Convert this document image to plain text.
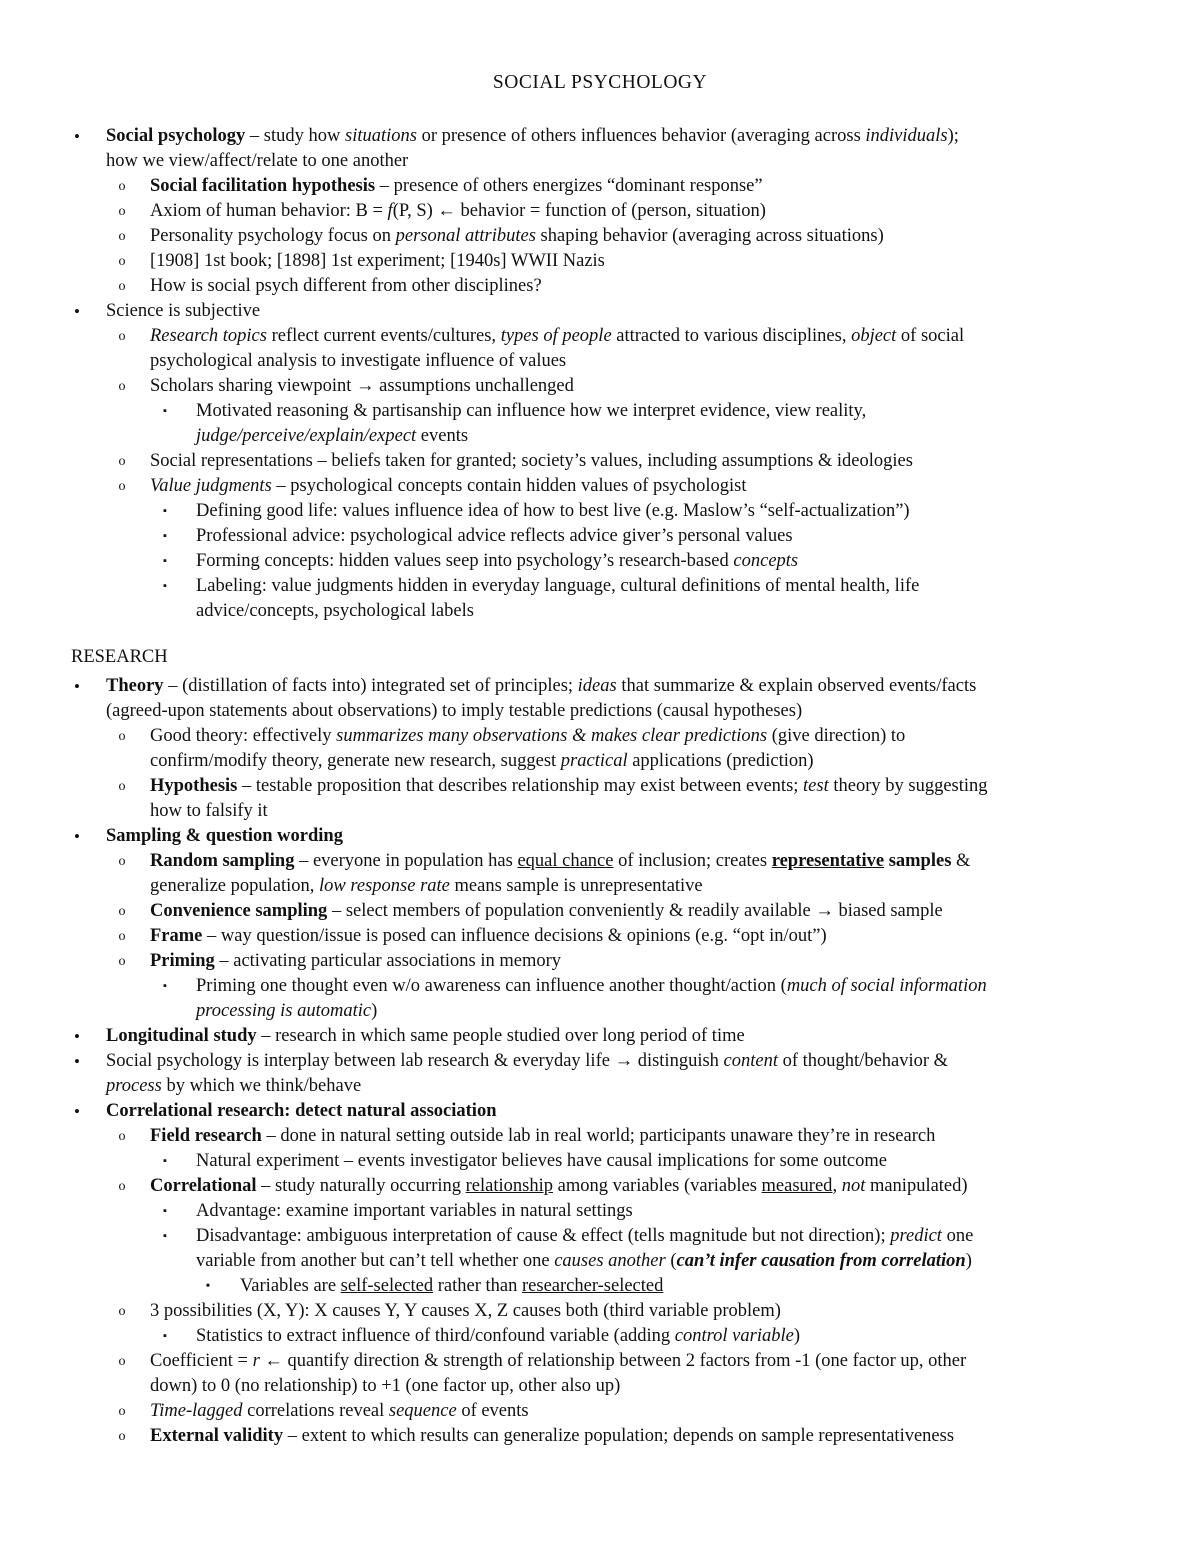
SOCIAL PSYCHOLOGY
RESEARCH
• Social psychology – study how situations or presence of others influences behavior (averaging across individuals);
how we view/affect/relate to one another
o Social facilitation hypothesis – presence of others energizes “dominant response”
o Axiom of human behavior: B = f(P, S) ← behavior = function of (person, situation)
o Personality psychology focus on personal attributes shaping behavior (averaging across situations)
o [1908] 1st book; [1898] 1st experiment; [1940s] WWII Nazis
o How is social psych different from other disciplines?
• Science is subjective
o Research topics reflect current events/cultures, types of people attracted to various disciplines, object of social
psychological analysis to investigate influence of values
o Scholars sharing viewpoint → assumptions unchallenged
▪ Motivated reasoning & partisanship can influence how we interpret evidence, view reality,
judge/perceive/explain/expect events
o Social representations – beliefs taken for granted; society’s values, including assumptions & ideologies
o Value judgments – psychological concepts contain hidden values of psychologist
▪ Defining good life: values influence idea of how to best live (e.g. Maslow’s “self-actualization”)
▪ Professional advice: psychological advice reflects advice giver’s personal values
▪ Forming concepts: hidden values seep into psychology’s research-based concepts
▪ Labeling: value judgments hidden in everyday language, cultural definitions of mental health, life
advice/concepts, psychological labels
• Theory – (distillation of facts into) integrated set of principles; ideas that summarize & explain observed events/facts
(agreed-upon statements about observations) to imply testable predictions (causal hypotheses)
o Good theory: effectively summarizes many observations & makes clear predictions (give direction) to
confirm/modify theory, generate new research, suggest practical applications (prediction)
o Hypothesis – testable proposition that describes relationship may exist between events; test theory by suggesting
how to falsify it
• Sampling & question wording
o Random sampling – everyone in population has equal chance of inclusion; creates representative samples &
generalize population, low response rate means sample is unrepresentative
o Convenience sampling – select members of population conveniently & readily available → biased sample
o Frame – way question/issue is posed can influence decisions & opinions (e.g. “opt in/out”)
o Priming – activating particular associations in memory
▪ Priming one thought even w/o awareness can influence another thought/action (much of social information
processing is automatic)
• Longitudinal study – research in which same people studied over long period of time
• Social psychology is interplay between lab research & everyday life → distinguish content of thought/behavior &
process by which we think/behave
• Correlational research: detect natural association
o Field research – done in natural setting outside lab in real world; participants unaware they’re in research
▪ Natural experiment – events investigator believes have causal implications for some outcome
o Correlational – study naturally occurring relationship among variables (variables measured, not manipulated)
▪ Advantage: examine important variables in natural settings
▪ Disadvantage: ambiguous interpretation of cause & effect (tells magnitude but not direction); predict one
variable from another but can’t tell whether one causes another (can’t infer causation from correlation)
• Variables are self-selected rather than researcher-selected
o 3 possibilities (X, Y): X causes Y, Y causes X, Z causes both (third variable problem)
▪ Statistics to extract influence of third/confound variable (adding control variable)
o Coefficient = r ← quantify direction & strength of relationship between 2 factors from -1 (one factor up, other
down) to 0 (no relationship) to +1 (one factor up, other also up)
o Time-lagged correlations reveal sequence of events
o External validity – extent to which results can generalize population; depends on sample representativeness
